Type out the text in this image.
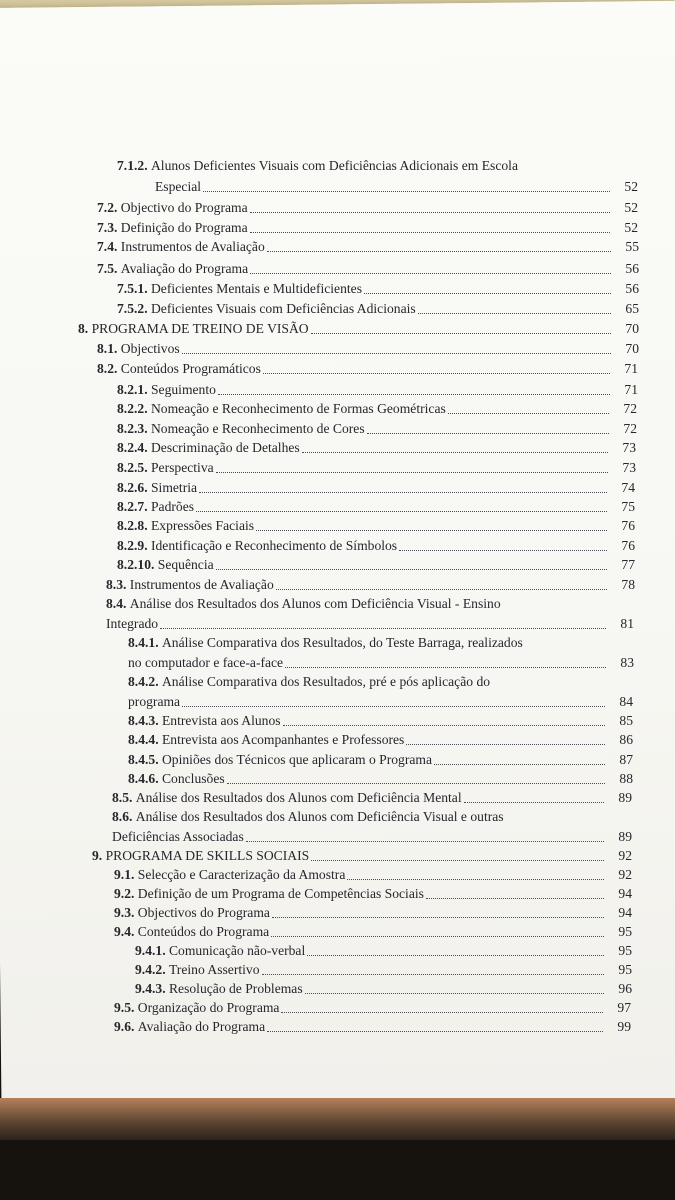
7.1.2. Alunos Deficientes Visuais com Deficiências Adicionais em Escola
Especial	52
7.2. Objectivo do Programa	52
7.3. Definição do Programa	52
7.4. Instrumentos de Avaliação	55
7.5. Avaliação do Programa	56
7.5.1. Deficientes Mentais e Multideficientes	56
7.5.2. Deficientes Visuais com Deficiências Adicionais	65
8. PROGRAMA DE TREINO DE VISÃO	70
8.1. Objectivos	70
8.2. Conteúdos Programáticos	71
8.2.1. Seguimento	71
8.2.2. Nomeação e Reconhecimento de Formas Geométricas	72
8.2.3. Nomeação e Reconhecimento de Cores	72
8.2.4. Descriminação de Detalhes	73
8.2.5. Perspectiva	73
8.2.6. Simetria	74
8.2.7. Padrões	75
8.2.8. Expressões Faciais	76
8.2.9. Identificação e Reconhecimento de Símbolos	76
8.2.10. Sequência	77
8.3. Instrumentos de Avaliação	78
8.4. Análise dos Resultados dos Alunos com Deficiência Visual - Ensino
Integrado	81
8.4.1. Análise Comparativa dos Resultados, do Teste Barraga, realizados
no computador e face-a-face	83
8.4.2. Análise Comparativa dos Resultados, pré e pós aplicação do
programa	84
8.4.3. Entrevista aos Alunos	85
8.4.4. Entrevista aos Acompanhantes e Professores	86
8.4.5. Opiniões dos Técnicos que aplicaram o Programa	87
8.4.6. Conclusões	88
8.5. Análise dos Resultados dos Alunos com Deficiência Mental	89
8.6. Análise dos Resultados dos Alunos com Deficiência Visual e outras
Deficiências Associadas	89
9. PROGRAMA DE SKILLS SOCIAIS	92
9.1. Selecção e Caracterização da Amostra	92
9.2. Definição de um Programa de Competências Sociais	94
9.3. Objectivos do Programa	94
9.4. Conteúdos do Programa	95
9.4.1. Comunicação não-verbal	95
9.4.2. Treino Assertivo	95
9.4.3. Resolução de Problemas	96
9.5. Organização do Programa	97
9.6. Avaliação do Programa	99
